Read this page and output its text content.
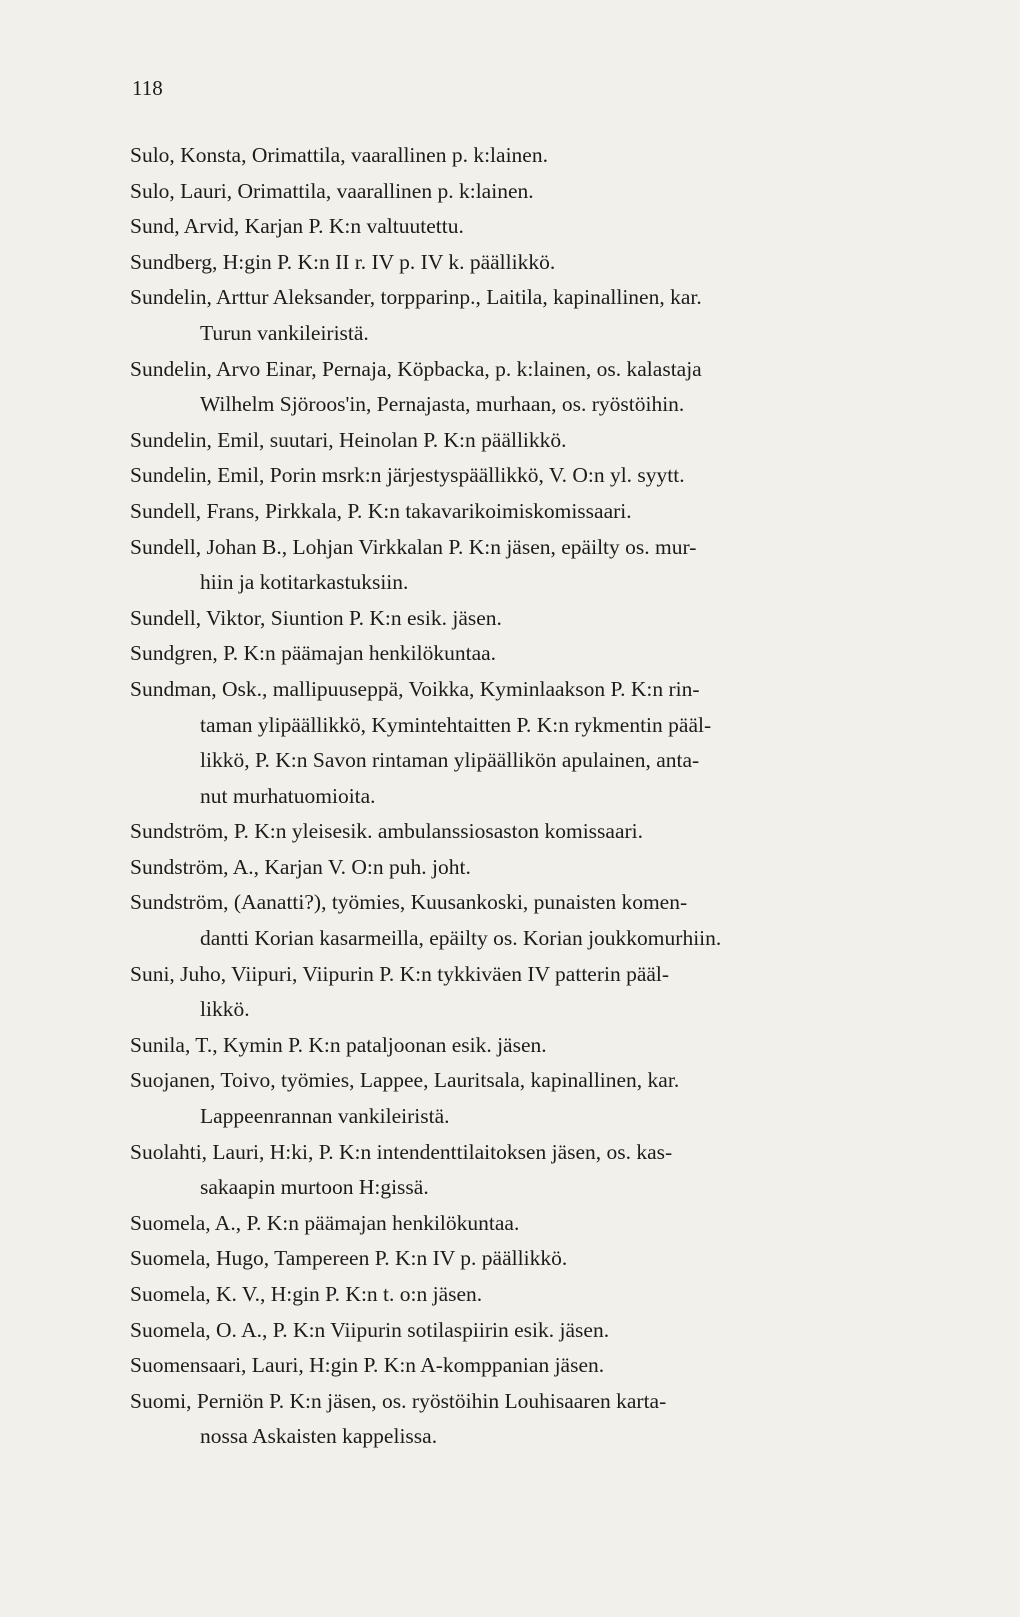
118
Sulo, Konsta, Orimattila, vaarallinen p. k:lainen.
Sulo, Lauri, Orimattila, vaarallinen p. k:lainen.
Sund, Arvid, Karjan P. K:n valtuutettu.
Sundberg, H:gin P. K:n II r. IV p. IV k. päällikkö.
Sundelin, Arttur Aleksander, torpparinp., Laitila, kapinallinen, kar.
Turun vankileiristä.
Sundelin, Arvo Einar, Pernaja, Köpbacka, p. k:lainen, os. kalastaja
Wilhelm Sjöroos'in, Pernajasta, murhaan, os. ryöstöihin.
Sundelin, Emil, suutari, Heinolan P. K:n päällikkö.
Sundelin, Emil, Porin msrk:n järjestyspäällikkö, V. O:n yl. syytt.
Sundell, Frans, Pirkkala, P. K:n takavarikoimiskomissaari.
Sundell, Johan B., Lohjan Virkkalan P. K:n jäsen, epäilty os. mur-
hiin ja kotitarkastuksiin.
Sundell, Viktor, Siuntion P. K:n esik. jäsen.
Sundgren, P. K:n päämajan henkilökuntaa.
Sundman, Osk., mallipuuseppä, Voikka, Kyminlaakson P. K:n rin-
taman ylipäällikkö, Kymintehtaitten P. K:n rykmentin pääl-
likkö, P. K:n Savon rintaman ylipäällikön apulainen, anta-
nut murhatuomioita.
Sundström, P. K:n yleisesik. ambulanssiosaston komissaari.
Sundström, A., Karjan V. O:n puh. joht.
Sundström, (Aanatti?), työmies, Kuusankoski, punaisten komen-
dantti Korian kasarmeilla, epäilty os. Korian joukkomurhiin.
Suni, Juho, Viipuri, Viipurin P. K:n tykkiväen IV patterin pääl-
likkö.
Sunila, T., Kymin P. K:n pataljoonan esik. jäsen.
Suojanen, Toivo, työmies, Lappee, Lauritsala, kapinallinen, kar.
Lappeenrannan vankileiristä.
Suolahti, Lauri, H:ki, P. K:n intendenttilaitoksen jäsen, os. kas-
sakaapin murtoon H:gissä.
Suomela, A., P. K:n päämajan henkilökuntaa.
Suomela, Hugo, Tampereen P. K:n IV p. päällikkö.
Suomela, K. V., H:gin P. K:n t. o:n jäsen.
Suomela, O. A., P. K:n Viipurin sotilaspiirin esik. jäsen.
Suomensaari, Lauri, H:gin P. K:n A-komppanian jäsen.
Suomi, Perniön P. K:n jäsen, os. ryöstöihin Louhisaaren karta-
nossa Askaisten kappelissa.
